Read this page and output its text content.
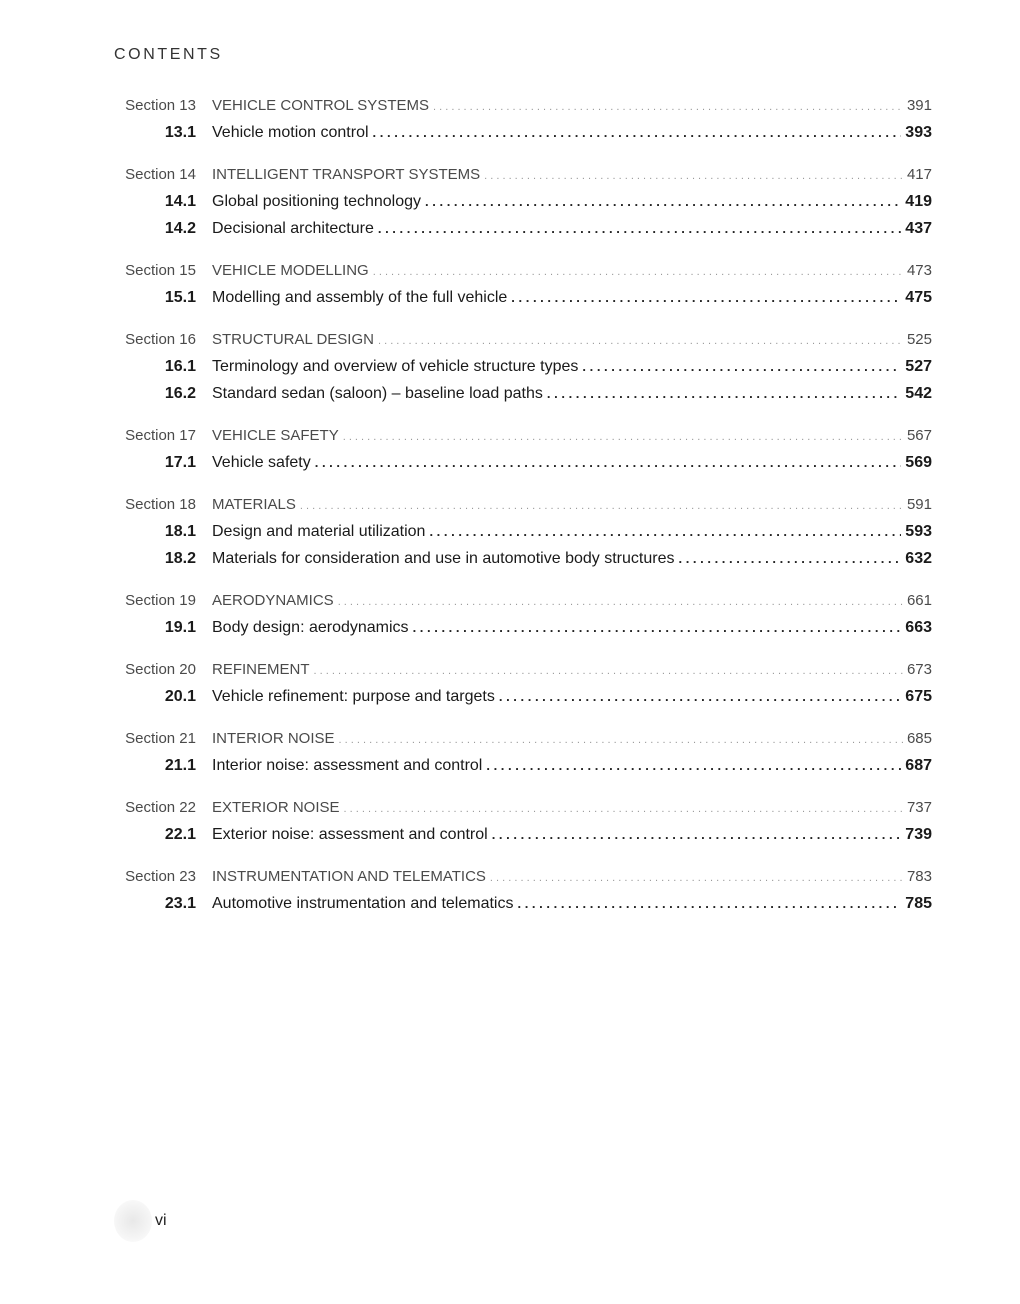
CONTENTS
Section 13 VEHICLE CONTROL SYSTEMS . . .	391
13.1 Vehicle motion control . . .	393
Section 14 INTELLIGENT TRANSPORT SYSTEMS . . .	417
14.1 Global positioning technology . . .	419
14.2 Decisional architecture . . .	437
Section 15 VEHICLE MODELLING . . .	473
15.1 Modelling and assembly of the full vehicle . . .	475
Section 16 STRUCTURAL DESIGN . . .	525
16.1 Terminology and overview of vehicle structure types . . .	527
16.2 Standard sedan (saloon) – baseline load paths . . .	542
Section 17 VEHICLE SAFETY . . .	567
17.1 Vehicle safety . . .	569
Section 18 MATERIALS . . .	591
18.1 Design and material utilization . . .	593
18.2 Materials for consideration and use in automotive body structures . . .	632
Section 19 AERODYNAMICS . . .	661
19.1 Body design: aerodynamics . . .	663
Section 20 REFINEMENT . . .	673
20.1 Vehicle refinement: purpose and targets . . .	675
Section 21 INTERIOR NOISE . . .	685
21.1 Interior noise: assessment and control . . .	687
Section 22 EXTERIOR NOISE . . .	737
22.1 Exterior noise: assessment and control . . .	739
Section 23 INSTRUMENTATION AND TELEMATICS . . .	783
23.1 Automotive instrumentation and telematics . . .	785
vi
